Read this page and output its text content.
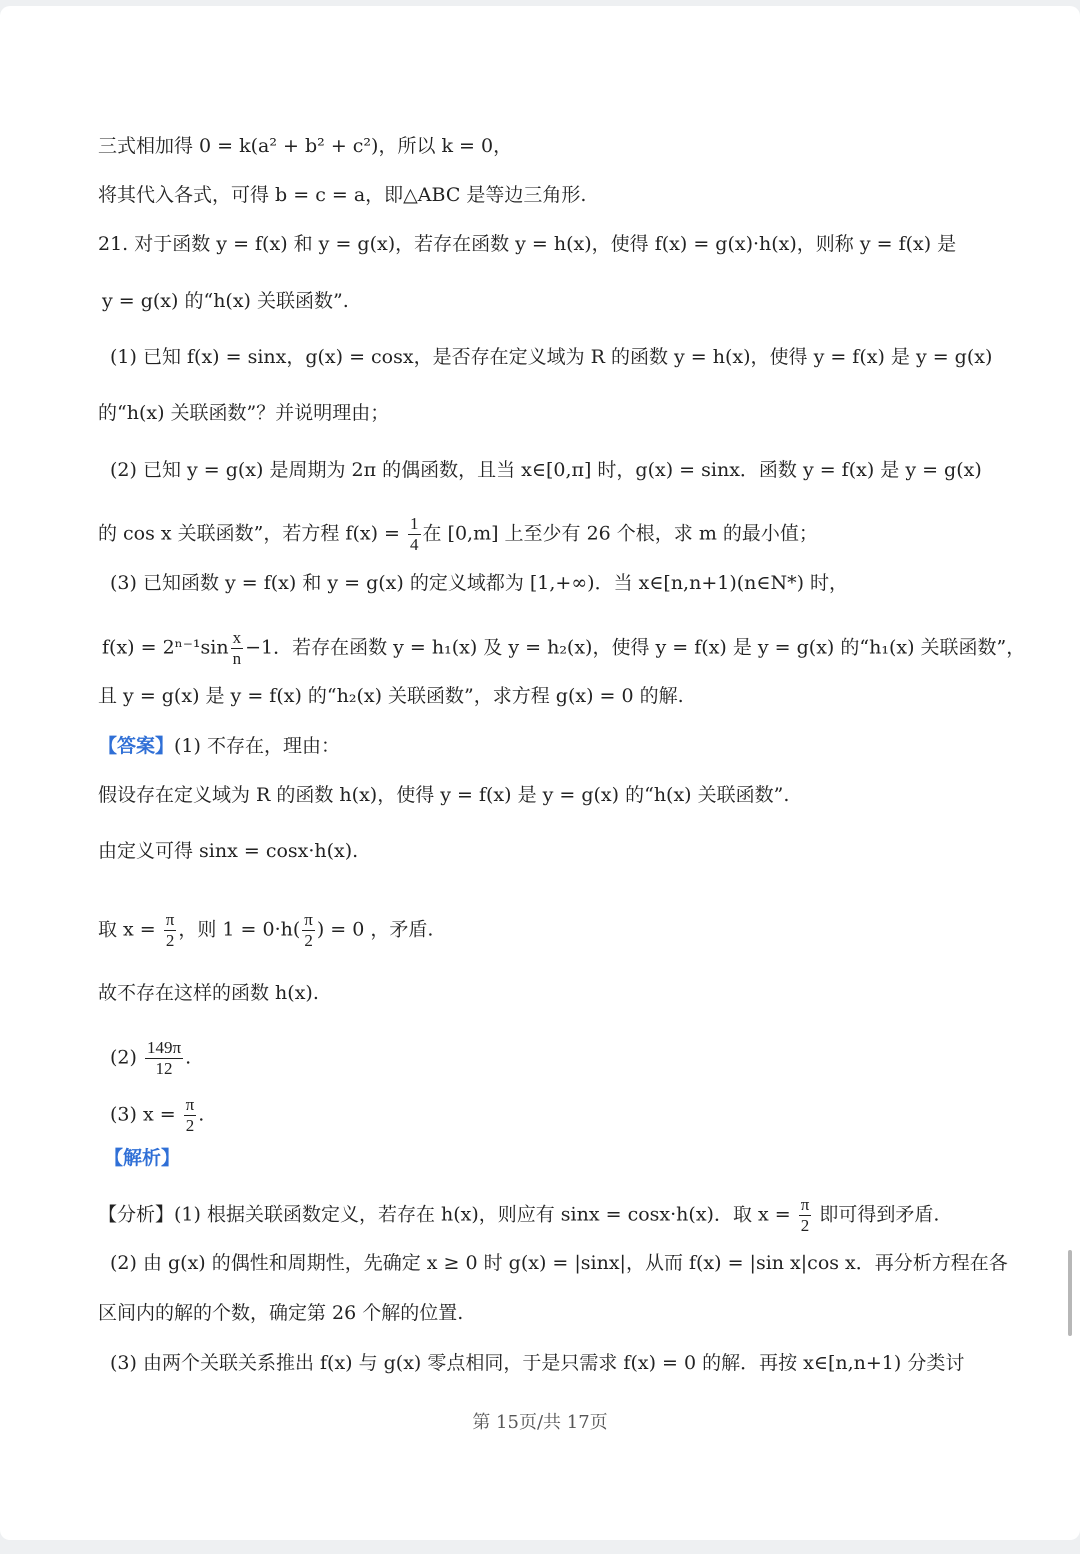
三式相加得 0 = k(a² + b² + c²)，所以 k = 0，
将其代入各式，可得 b = c = a，即△ABC 是等边三角形.
21. 对于函数 y = f(x) 和 y = g(x)，若存在函数 y = h(x)，使得 f(x) = g(x)·h(x)，则称 y = f(x) 是
y = g(x) 的“h(x) 关联函数”.
(1) 已知 f(x) = sinx，g(x) = cosx，是否存在定义域为 R 的函数 y = h(x)，使得 y = f(x) 是 y = g(x)
的“h(x) 关联函数”？并说明理由；
(2) 已知 y = g(x) 是周期为 2π 的偶函数，且当 x∈[0,π] 时，g(x) = sinx．函数 y = f(x) 是 y = g(x)
的 cos x 关联函数”，若方程 $f(x) = \frac{1}{4}$ 在 [0,m] 上至少有 26 个根，求 m 的最小值；
(3) 已知函数 y = f(x) 和 y = g(x) 的定义域都为 [1,+∞)．当 x∈[n,n+1)(n∈N*) 时，
$f(x) = 2^{n-1}\sin \frac{x}{n} -1$．若存在函数 y = h₁(x) 及 y = h₂(x)，使得 y = f(x) 是 y = g(x) 的“h₁(x) 关联函数”，
且 y = g(x) 是 y = f(x) 的“h₂(x) 关联函数”，求方程 g(x) = 0 的解.
【答案】(1) 不存在，理由：
假设存在定义域为 R 的函数 h(x)，使得 y = f(x) 是 y = g(x) 的“h(x) 关联函数”.
由定义可得 sinx = cosx·h(x).
取 $x = \frac{\pi}{2}$ ，则 $1 = 0\cdot h( \frac{\pi}{2}$ ) = 0 ，矛盾.
故不存在这样的函数 h(x).
$(2) \frac{149\pi}{12}$ .
(3) $x = \frac{\pi}{2}$ .
【解析】
【分析】(1) 根据关联函数定义，若存在 h(x)，则应有 sinx = cosx·h(x)．取 $x = \frac{\pi}{2}$ 即可得到矛盾.
(2) 由 g(x) 的偶性和周期性，先确定 x ≥ 0 时 g(x) = |sinx|，从而 f(x) = |sin x|cos x．再分析方程在各
区间内的解的个数，确定第 26 个解的位置.
(3) 由两个关联关系推出 f(x) 与 g(x) 零点相同，于是只需求 f(x) = 0 的解．再按 x∈[n,n+1) 分类讨
第 15页/共 17页
